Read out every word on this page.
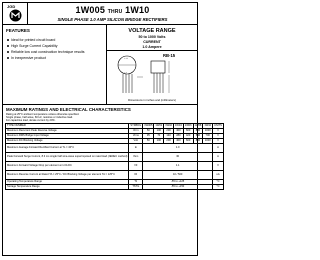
JGD	1W005 THRU 1W10
SINGLE PHASE 1.0 AMP SILICON BRIDGE RECTIFIERS
FEATURES
Ideal for printed circuit board
High Surge Current Capability
Reliable low cost construction technique results
In inexpensive product
VOLTAGE RANGE
50 to 1000 Volts
CURRENT
1.0 Ampere
~ +
- ~
RB-15
Dimensions in inches and (millimeters)
MAXIMUM RATINGS AND ELECTRICAL CHARACTERISTICS
Rating at 25°C ambient temperature unless otherwise specified.
Single phase, half wave, 60 Hz, resistive or inductive load.
For capacitive load, derate current by 20%.
TYPE NUMBER	SYMBOL	1W005	1W01	1W02	1W04	1W06	1W08	1W10	UNITS
Maximum Recurrent Peak Reverse Voltage	Vrrm	50	100	200	400	600	800	1000	V
Maximum RMS Bridge Input Voltage	Vrms	35	70	140	280	420	560	700	V
Maximum DC Blocking Voltage	Vdc	50	100	200	400	600	800	1000	V
Maximum Average Forward Rectified Current at TL = 40°C	Io	1.0							A
Peak Forward Surge Current, 8.3 ms single half sine-wave superimposed on rated load (JEDEC method)	Ifsm	30							A
Maximum Forward Voltage Drop per element at 1.0A DC	VF	1.1							V
Maximum Reverse Current at Rated TA = 25°C / DC Blocking Voltage per element TA = 125°C	IR	10 / 500							uA
Operating Temperature Range	TJ	-55 to +125							°C
Storage Temperature Range	TSTG	-55 to +150							°C
